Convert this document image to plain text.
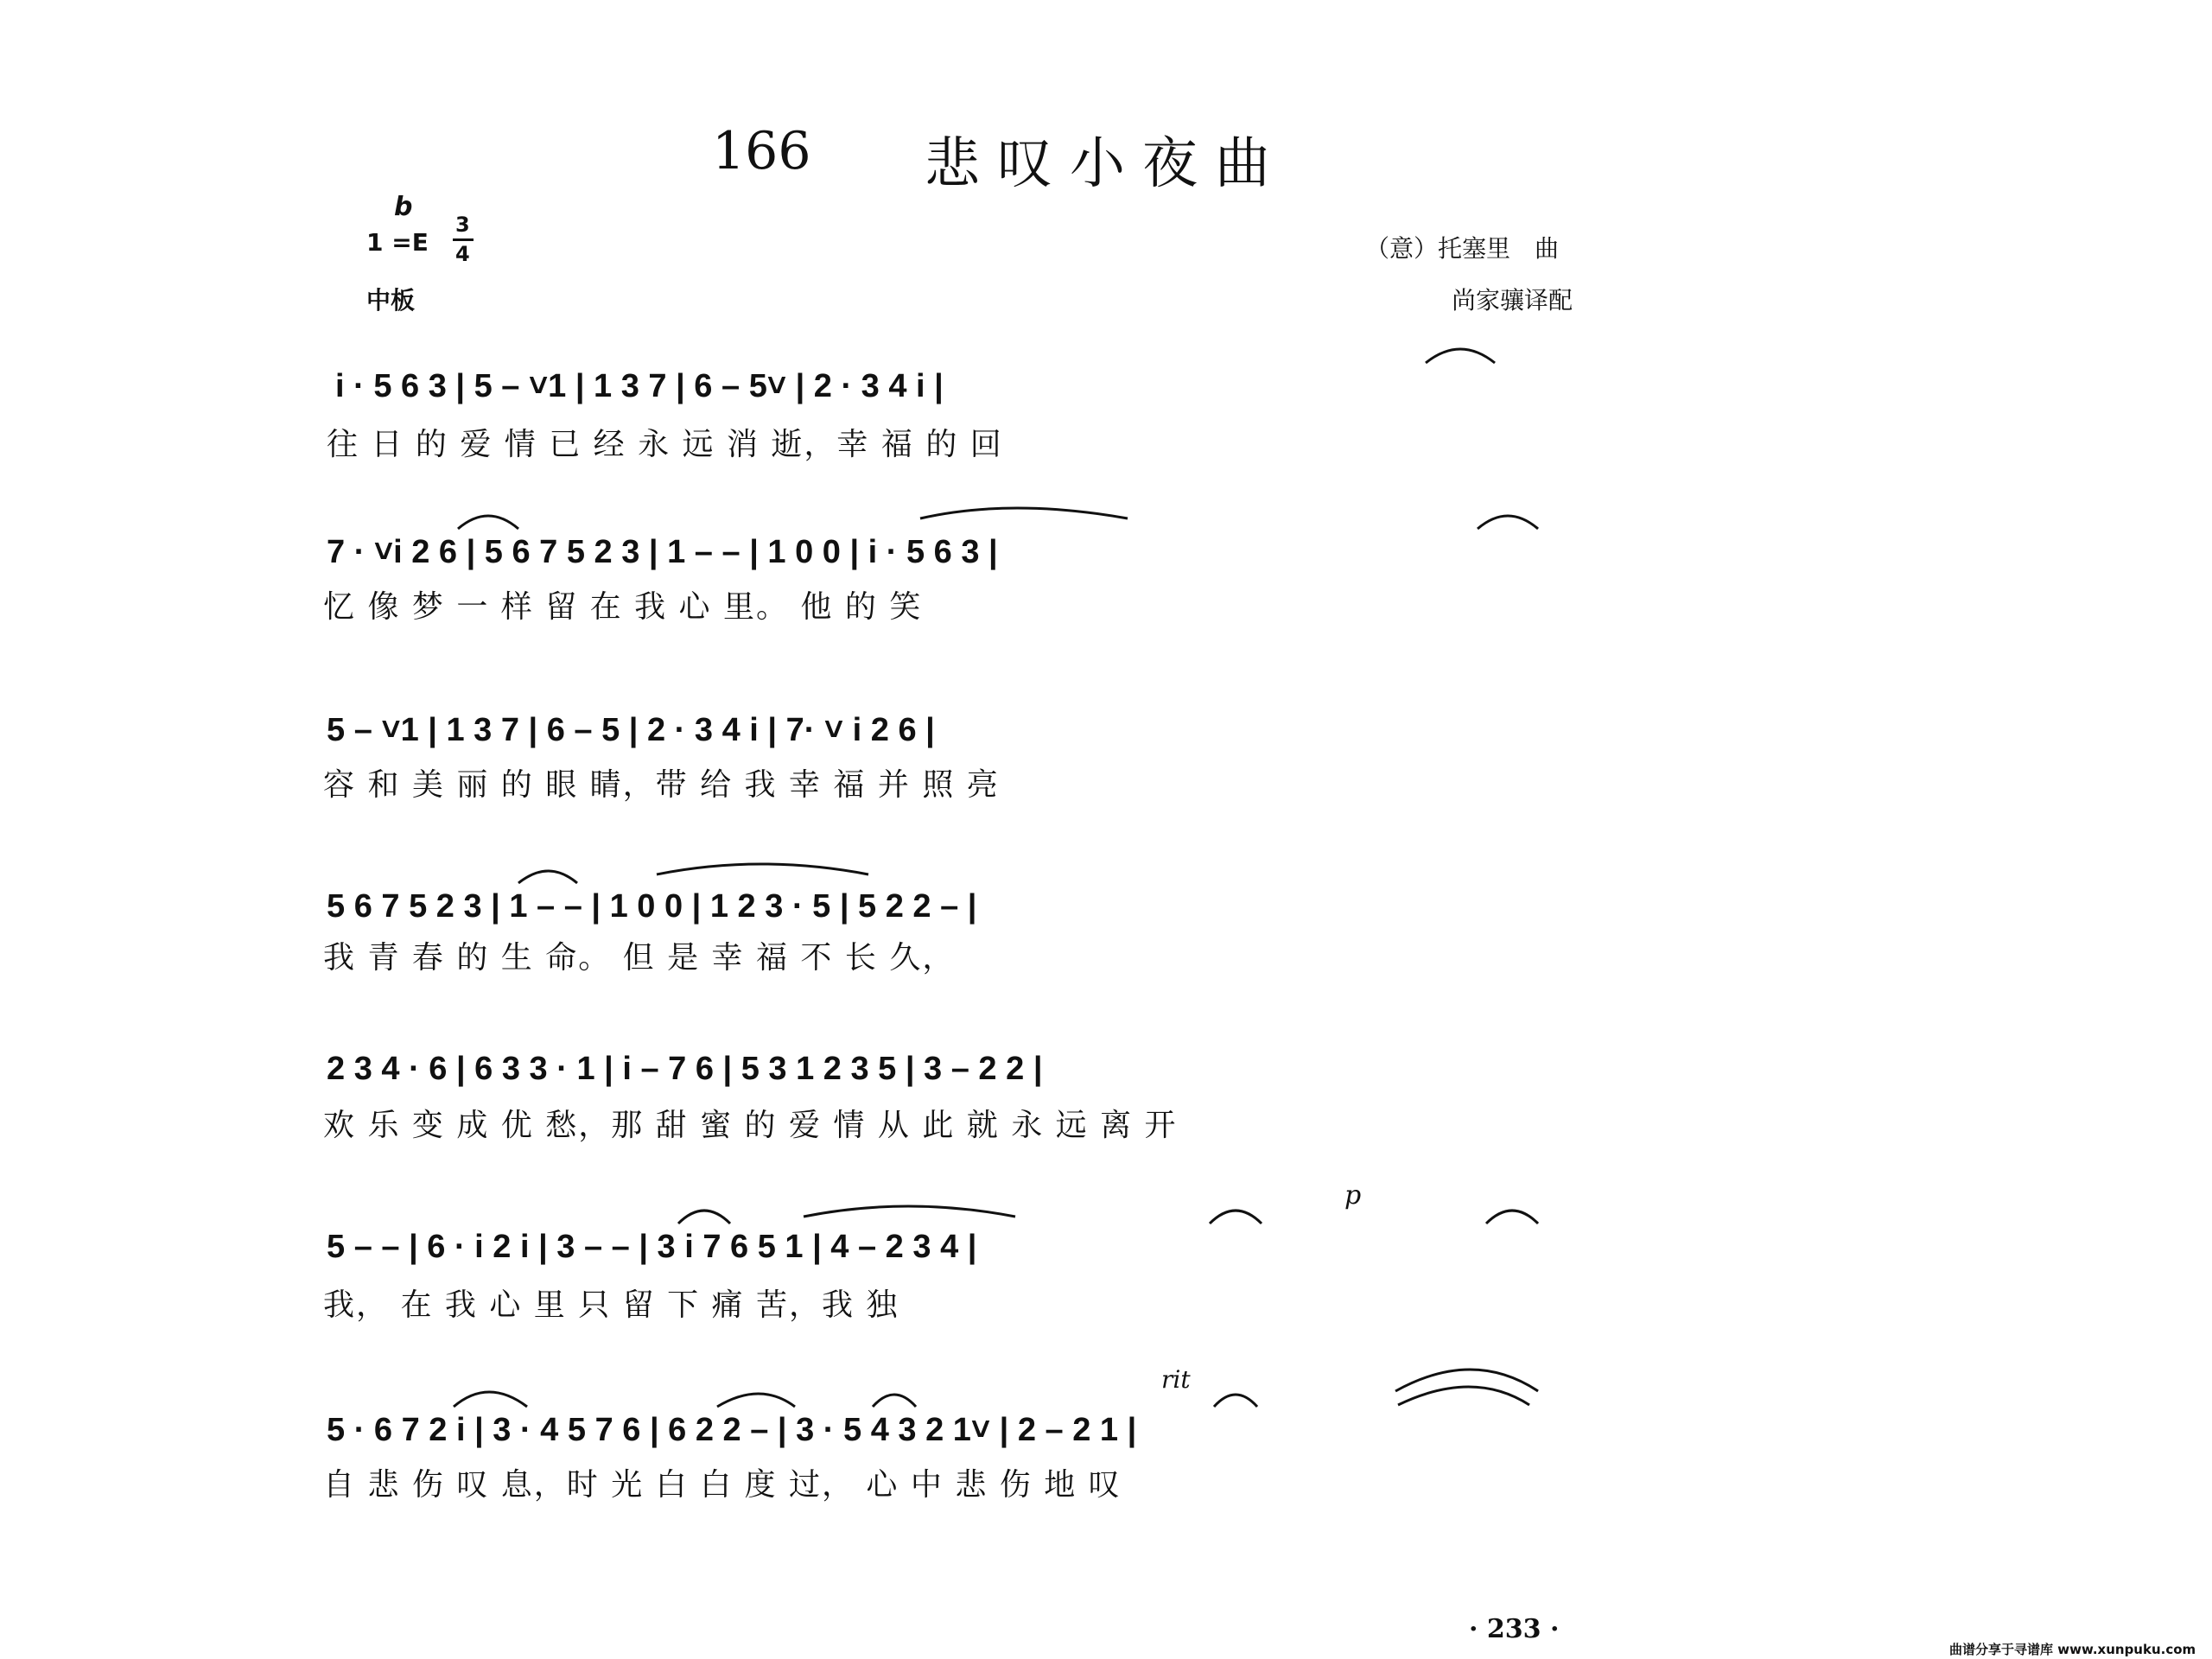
166 悲叹小夜曲
b
1 =E
3
4
中板
（意）托塞里　曲
尚家骧译配
i · 5 6 3 | 5 – ˅1 | 1 3 7 | 6 – 5˅ | 2 · 3 4 i |
往 日 的 爱 情 已 经 永 远 消 逝，幸 福 的 回
7 · ˅i 2 6 | 5 6 7 5 2 3 | 1 – – | 1 0 0 | i · 5 6 3 |
忆 像 梦 一 样 留 在 我 心 里。 他 的 笑
5 – ˅1 | 1 3 7 | 6 – 5 | 2 · 3 4 i | 7· ˅ i 2 6 |
容 和 美 丽 的 眼 睛，带 给 我 幸 福 并 照 亮
5 6 7 5 2 3 | 1 – – | 1 0 0 | 1 2 3 · 5 | 5 2 2 – |
我 青 春 的 生 命。 但 是 幸 福 不 长 久，
2 3 4 · 6 | 6 3 3 · 1 | i – 7 6 | 5 3 1 2 3 5 | 3 – 2 2 |
欢 乐 变 成 优 愁，那 甜 蜜 的 爱 情 从 此 就 永 远 离 开
5 – – | 6 · i 2 i | 3 – – | 3 i 7 6 5 1 | 4 – 2 3 4 |
我， 在 我 心 里 只 留 下 痛 苦，我 独
5 · 6 7 2 i | 3 · 4 5 7 6 | 6 2 2 – | 3 · 5 4 3 2 1˅ | 2 – 2 1 |
自 悲 伤 叹 息，时 光 白 白 度 过， 心 中 悲 伤 地 叹
p
rit
· 233 ·
曲谱分享于寻谱库 www.xunpuku.com
